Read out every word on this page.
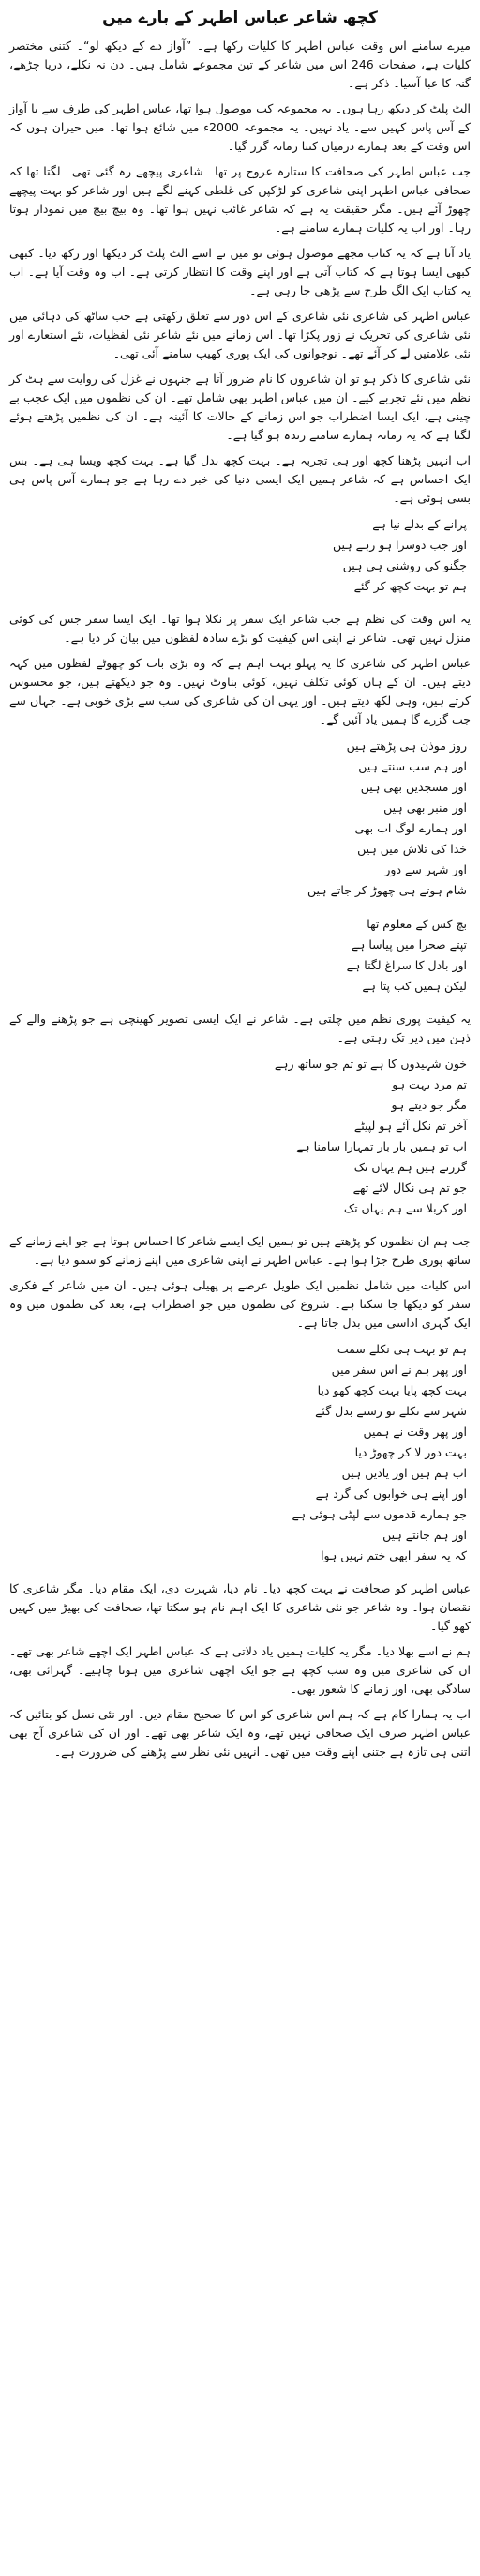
کچھ شاعر عباس اطہر کے بارے میں

میرے سامنے اس وقت عباس اطہر کا کلیات رکھا ہے۔ ”آواز دے کے دیکھ لو“۔ کتنی مختصر کلیات ہے، صفحات 246 اس میں شاعر کے تین مجموعے شامل ہیں۔ دن نہ نکلے، دریا چڑھے، گنہ کا عبا آسیا۔ ذکر ہے۔

الٹ پلٹ کر دیکھ رہا ہوں۔ یہ مجموعہ کب موصول ہوا تھا، عباس اطہر کی طرف سے یا آواز کے آس پاس کہیں سے۔ یاد نہیں۔ یہ مجموعہ 2000ء میں شائع ہوا تھا۔ میں حیران ہوں کہ اس وقت کے بعد ہمارے درمیان کتنا زمانہ گزر گیا۔

جب عباس اطہر کی صحافت کا ستارہ عروج پر تھا۔ شاعری پیچھے رہ گئی تھی۔ لگتا تھا کہ صحافی عباس اطہر اپنی شاعری کو لڑکپن کی غلطی کہنے لگے ہیں اور شاعر کو بہت پیچھے چھوڑ آئے ہیں۔ مگر حقیقت یہ ہے کہ شاعر غائب نہیں ہوا تھا۔ وہ بیچ بیچ میں نمودار ہوتا رہا۔ اور اب یہ کلیات ہمارے سامنے ہے۔

یاد آتا ہے کہ یہ کتاب مجھے موصول ہوئی تو میں نے اسے الٹ پلٹ کر دیکھا اور رکھ دیا۔ کبھی کبھی ایسا ہوتا ہے کہ کتاب آتی ہے اور اپنے وقت کا انتظار کرتی ہے۔ اب وہ وقت آیا ہے۔ اب یہ کتاب ایک الگ طرح سے پڑھی جا رہی ہے۔

عباس اطہر کی شاعری نئی شاعری کے اس دور سے تعلق رکھتی ہے جب ساٹھ کی دہائی میں نئی شاعری کی تحریک نے زور پکڑا تھا۔ اس زمانے میں نئے شاعر نئی لفظیات، نئے استعارے اور نئی علامتیں لے کر آئے تھے۔ نوجوانوں کی ایک پوری کھیپ سامنے آئی تھی۔

نئی شاعری کا ذکر ہو تو ان شاعروں کا نام ضرور آتا ہے جنہوں نے غزل کی روایت سے ہٹ کر نظم میں نئے تجربے کیے۔ ان میں عباس اطہر بھی شامل تھے۔ ان کی نظموں میں ایک عجب بے چینی ہے، ایک ایسا اضطراب جو اس زمانے کے حالات کا آئینہ ہے۔ ان کی نظمیں پڑھتے ہوئے لگتا ہے کہ یہ زمانہ ہمارے سامنے زندہ ہو گیا ہے۔

اب انہیں پڑھنا کچھ اور ہی تجربہ ہے۔ بہت کچھ بدل گیا ہے۔ بہت کچھ ویسا ہی ہے۔ بس ایک احساس ہے کہ شاعر ہمیں ایک ایسی دنیا کی خبر دے رہا ہے جو ہمارے آس پاس ہی بسی ہوئی ہے۔

پرانے کے بدلے نیا ہے
اور جب دوسرا ہو رہے ہیں
جگنو کی روشنی ہی ہیں
ہم تو بہت کچھ کر گئے

یہ اس وقت کی نظم ہے جب شاعر ایک سفر پر نکلا ہوا تھا۔ ایک ایسا سفر جس کی کوئی منزل نہیں تھی۔ شاعر نے اپنی اس کیفیت کو بڑے سادہ لفظوں میں بیان کر دیا ہے۔

عباس اطہر کی شاعری کا یہ پہلو بہت اہم ہے کہ وہ بڑی بات کو چھوٹے لفظوں میں کہہ دیتے ہیں۔ ان کے ہاں کوئی تکلف نہیں، کوئی بناوٹ نہیں۔ وہ جو دیکھتے ہیں، جو محسوس کرتے ہیں، وہی لکھ دیتے ہیں۔ اور یہی ان کی شاعری کی سب سے بڑی خوبی ہے۔ جہاں سے جب گزرے گا ہمیں یاد آئیں گے۔

روز موذن ہی پڑھتے ہیں
اور ہم سب سنتے ہیں
اور مسجدیں بھی ہیں
اور منبر بھی ہیں
اور ہمارے لوگ اب بھی
خدا کی تلاش میں ہیں
اور شہر سے دور
شام ہوتے ہی چھوڑ کر جاتے ہیں
بچ کس کے معلوم تھا
تپتے صحرا میں پیاسا ہے
اور بادل کا سراغ لگتا ہے
لیکن ہمیں کب پتا ہے

یہ کیفیت پوری نظم میں چلتی ہے۔ شاعر نے ایک ایسی تصویر کھینچی ہے جو پڑھنے والے کے ذہن میں دیر تک رہتی ہے۔

خون شہیدوں کا ہے تو تم جو ساتھ رہے
تم مرد بہت ہو
مگر جو دیتے ہو
آخر تم نکل آئے ہو لپیٹے
اب تو ہمیں بار بار تمہارا سامنا ہے
گزرتے ہیں ہم یہاں تک
جو تم ہی نکال لائے تھے
اور کربلا سے ہم یہاں تک

جب ہم ان نظموں کو پڑھتے ہیں تو ہمیں ایک ایسے شاعر کا احساس ہوتا ہے جو اپنے زمانے کے ساتھ پوری طرح جڑا ہوا ہے۔ عباس اطہر نے اپنی شاعری میں اپنے زمانے کو سمو دیا ہے۔

اس کلیات میں شامل نظمیں ایک طویل عرصے پر پھیلی ہوئی ہیں۔ ان میں شاعر کے فکری سفر کو دیکھا جا سکتا ہے۔ شروع کی نظموں میں جو اضطراب ہے، بعد کی نظموں میں وہ ایک گہری اداسی میں بدل جاتا ہے۔

ہم تو بہت ہی نکلے سمت
اور پھر ہم نے اس سفر میں
بہت کچھ پایا بہت کچھ کھو دیا
شہر سے نکلے تو رستے بدل گئے
اور پھر وقت نے ہمیں
بہت دور لا کر چھوڑ دیا
اب ہم ہیں اور یادیں ہیں
اور اپنے ہی خوابوں کی گرد ہے
جو ہمارے قدموں سے لپٹی ہوئی ہے
اور ہم جانتے ہیں
کہ یہ سفر ابھی ختم نہیں ہوا

عباس اطہر کو صحافت نے بہت کچھ دیا۔ نام دیا، شہرت دی، ایک مقام دیا۔ مگر شاعری کا نقصان ہوا۔ وہ شاعر جو نئی شاعری کا ایک اہم نام ہو سکتا تھا، صحافت کی بھیڑ میں کہیں کھو گیا۔

ہم نے اسے بھلا دیا۔ مگر یہ کلیات ہمیں یاد دلاتی ہے کہ عباس اطہر ایک اچھے شاعر بھی تھے۔ ان کی شاعری میں وہ سب کچھ ہے جو ایک اچھی شاعری میں ہونا چاہیے۔ گہرائی بھی، سادگی بھی، اور زمانے کا شعور بھی۔

اب یہ ہمارا کام ہے کہ ہم اس شاعری کو اس کا صحیح مقام دیں۔ اور نئی نسل کو بتائیں کہ عباس اطہر صرف ایک صحافی نہیں تھے، وہ ایک شاعر بھی تھے۔ اور ان کی شاعری آج بھی اتنی ہی تازہ ہے جتنی اپنے وقت میں تھی۔ انہیں نئی نظر سے پڑھنے کی ضرورت ہے۔
